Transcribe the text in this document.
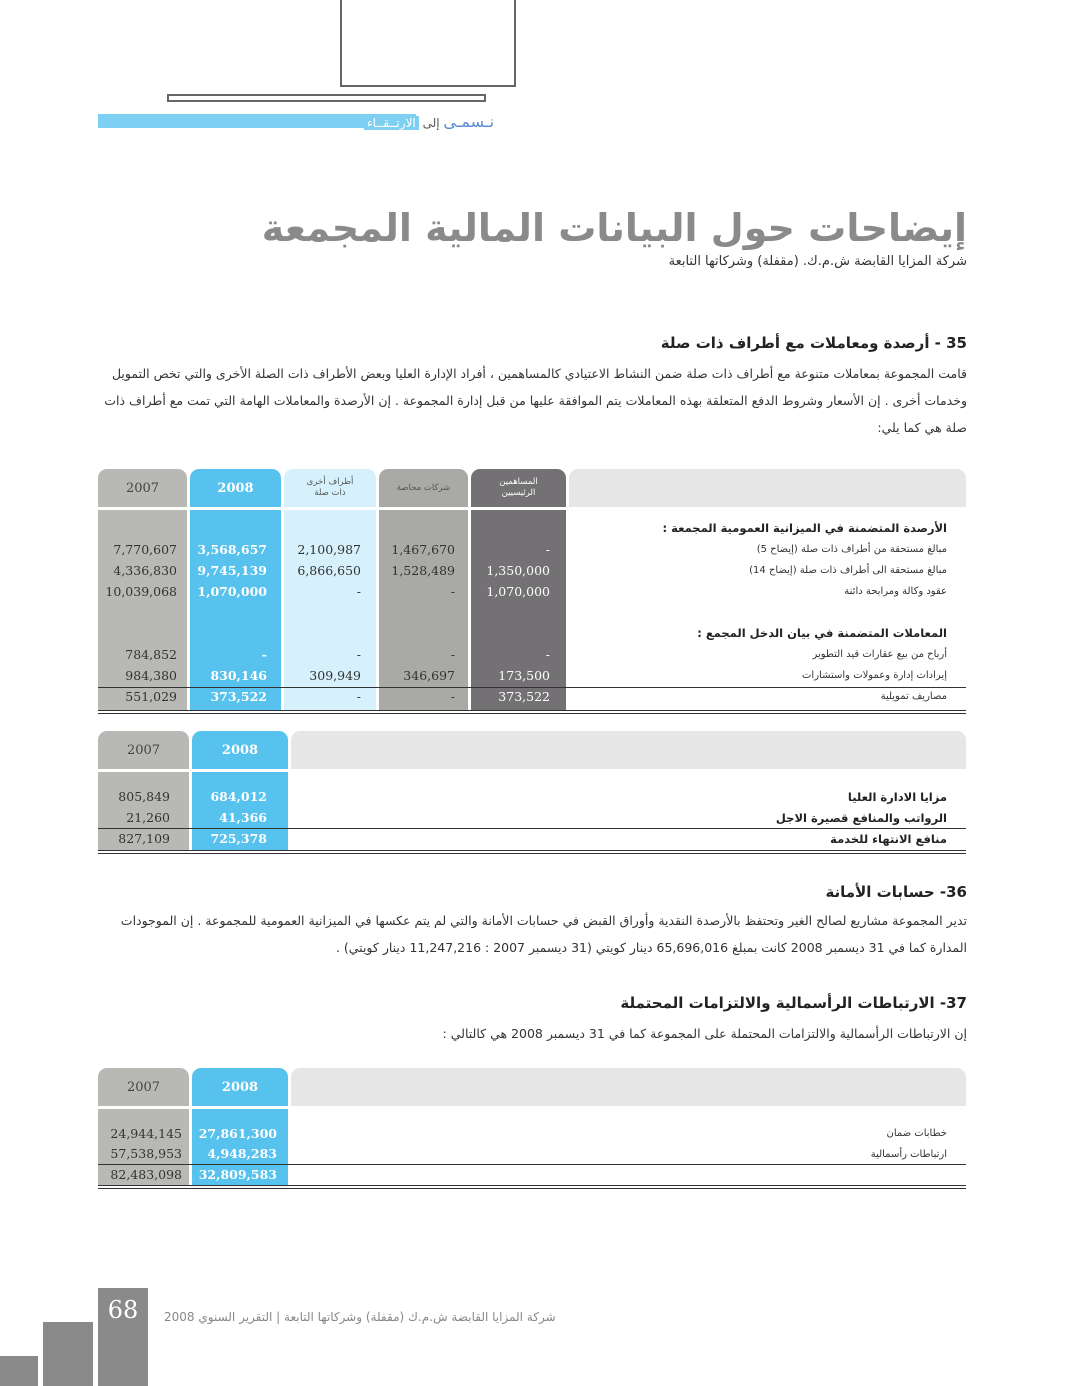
نـسمـى إلى الارتــقــاء
إيضاحات حول البيانات المالية المجمعة
شركة المزايا القابضة ش.م.ك. (مقفلة) وشركاتها التابعة
35 - أرصدة ومعاملات مع أطراف ذات صلة
قامت المجموعة بمعاملات متنوعة مع أطراف ذات صلة ضمن النشاط الاعتيادي كالمساهمين ، أفراد الإدارة العليا وبعض الأطراف ذات الصلة الأخرى والتي تخص التمويل وخدمات أخرى . إن الأسعار وشروط الدفع المتعلقة بهذه المعاملات يتم الموافقة عليها من قبل إدارة المجموعة . إن الأرصدة والمعاملات الهامة التي تمت مع أطراف ذات صلة هي كما يلي:
2007	2008	أطراف أخرى ذات صلة
شركات محاصة
المساهمين الرئيسيين
الأرصدة المتضمنة في الميزانية العمومية المجمعة :
المعاملات المتضمنة في بيان الدخل المجمع :
مبالغ مستحقة من أطراف ذات صلة (إيضاح 5)
7,770,607 3,568,657 2,100,987 1,467,670	-
مبالغ مستحقة الى أطراف ذات صلة (إيضاح 14)
4,336,830 9,745,139 6,866,650 1,528,489	1,350,000
عقود وكالة ومرابحة دائنة
10,039,068 1,070,000	-	-	1,070,000
أرباح من بيع عقارات قيد التطوير
784,852	-	-	-	-
إيرادات إدارة وعمولات واستشارات
984,380	830,146	309,949	346,697	173,500
مصاريف تمويلية
551,029	373,522	-	-	373,522
2007	2008
مزايا الادارة العليا
805,849	684,012
الرواتب والمنافع قصيرة الاجل
21,260	41,366
منافع الانتهاء للخدمة
827,109	725,378
36- حسابات الأمانة
تدير المجموعة مشاريع لصالح الغير وتحتفظ بالأرصدة النقدية وأوراق القبض في حسابات الأمانة والتي لم يتم عكسها في الميزانية العمومية للمجموعة . إن الموجودات المدارة كما في 31 ديسمبر 2008 كانت بمبلغ 65,696,016 دينار كويتي (31 ديسمبر 2007 : 11,247,216 دينار كويتي) .
37- الارتباطات الرأسمالية والالتزامات المحتملة
إن الارتباطات الرأسمالية والالتزامات المحتملة على المجموعة كما في 31 ديسمبر 2008 هي كالتالي :
2007	2008
خطابات ضمان
24,944,145 27,861,300
ارتباطات رأسمالية
57,538,953 4,948,283
82,483,098 32,809,583
68	شركة المزايا القابضة ش.م.ك (مقفلة) وشركاتها التابعة | التقرير السنوي 2008
